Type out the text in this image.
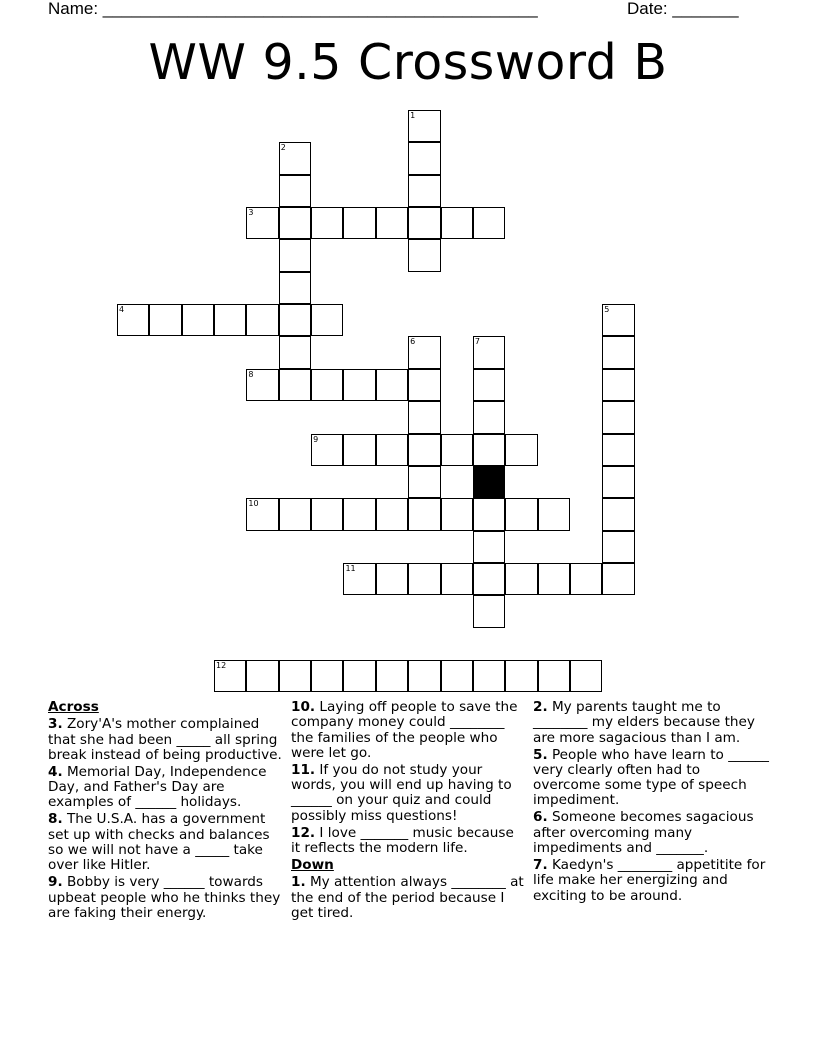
Name: ______________________________________________	Date: _______
WW 9.5 Crossword B
1
2
3
4	5
6	7
8
9
10
11
12
Across
3. Zory'A's mother complained that she had been _____ all spring break instead of being productive.
4. Memorial Day, Independence Day, and Father's Day are examples of ______ holidays.
8. The U.S.A. has a government set up with checks and balances so we will not have a _____ take over like Hitler.
9. Bobby is very ______ towards upbeat people who he thinks they are faking their energy.
10. Laying off people to save the company money could ________ the families of the people who were let go.
11. If you do not study your words, you will end up having to ______ on your quiz and could possibly miss questions!
12. I love _______ music because it reflects the modern life.
Down
1. My attention always ________ at the end of the period because I get tired.
2. My parents taught me to ________ my elders because they are more sagacious than I am.
5. People who have learn to ______ very clearly often had to overcome some type of speech impediment.
6. Someone becomes sagacious after overcoming many impediments and _______.
7. Kaedyn's ________ appetitite for life make her energizing and exciting to be around.
